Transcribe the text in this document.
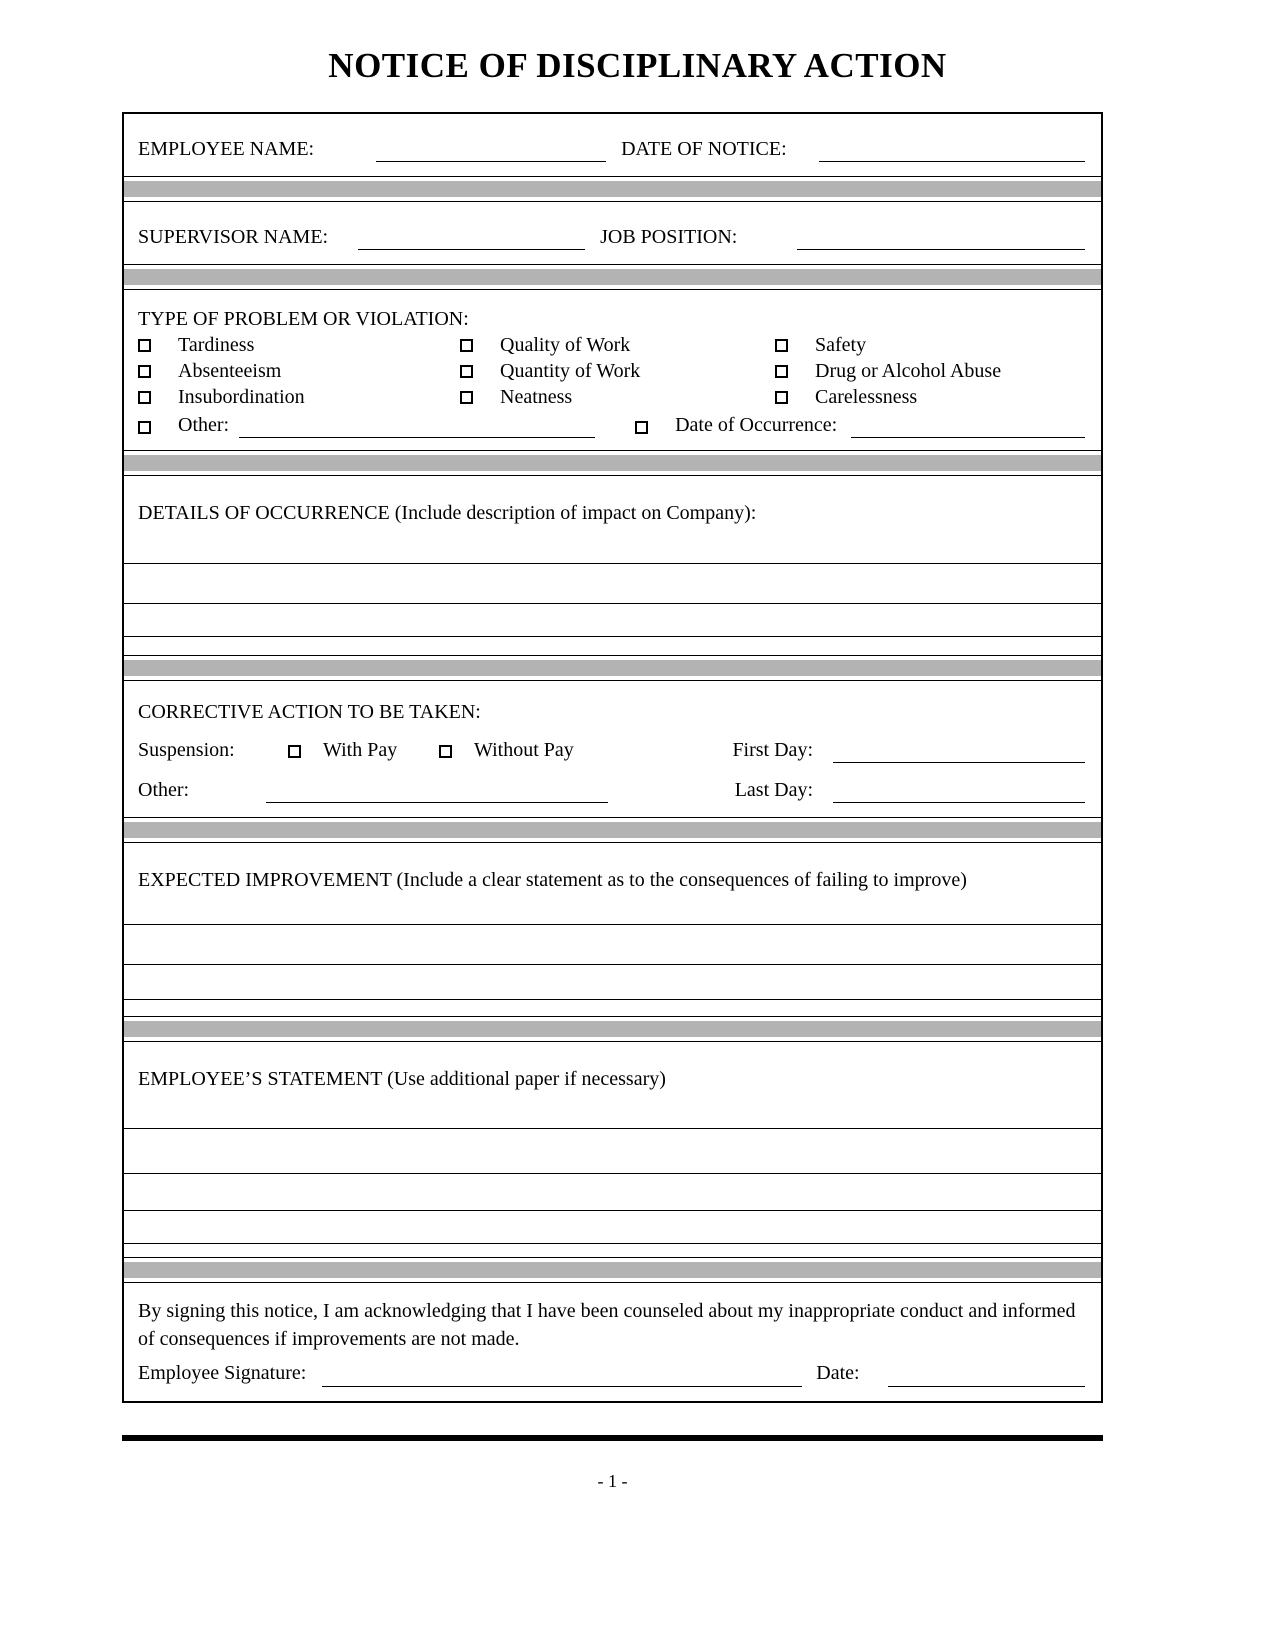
NOTICE OF DISCIPLINARY ACTION
EMPLOYEE NAME:	DATE OF NOTICE:
SUPERVISOR NAME:	JOB POSITION:
TYPE OF PROBLEM OR VIOLATION:
Tardiness	Quality of Work	Safety
Absenteeism	Quantity of Work	Drug or Alcohol Abuse
Insubordination	Neatness	Carelessness
Other:	Date of Occurrence:
DETAILS OF OCCURRENCE (Include description of impact on Company):
CORRECTIVE ACTION TO BE TAKEN:
Suspension:	With Pay	Without Pay	First Day:
Other:	Last Day:
EXPECTED IMPROVEMENT (Include a clear statement as to the consequences of failing to improve)
EMPLOYEE’S STATEMENT (Use additional paper if necessary)
By signing this notice, I am acknowledging that I have been counseled about my inappropriate conduct and informed of consequences if improvements are not made.
Employee Signature:	Date:
- 1 -
